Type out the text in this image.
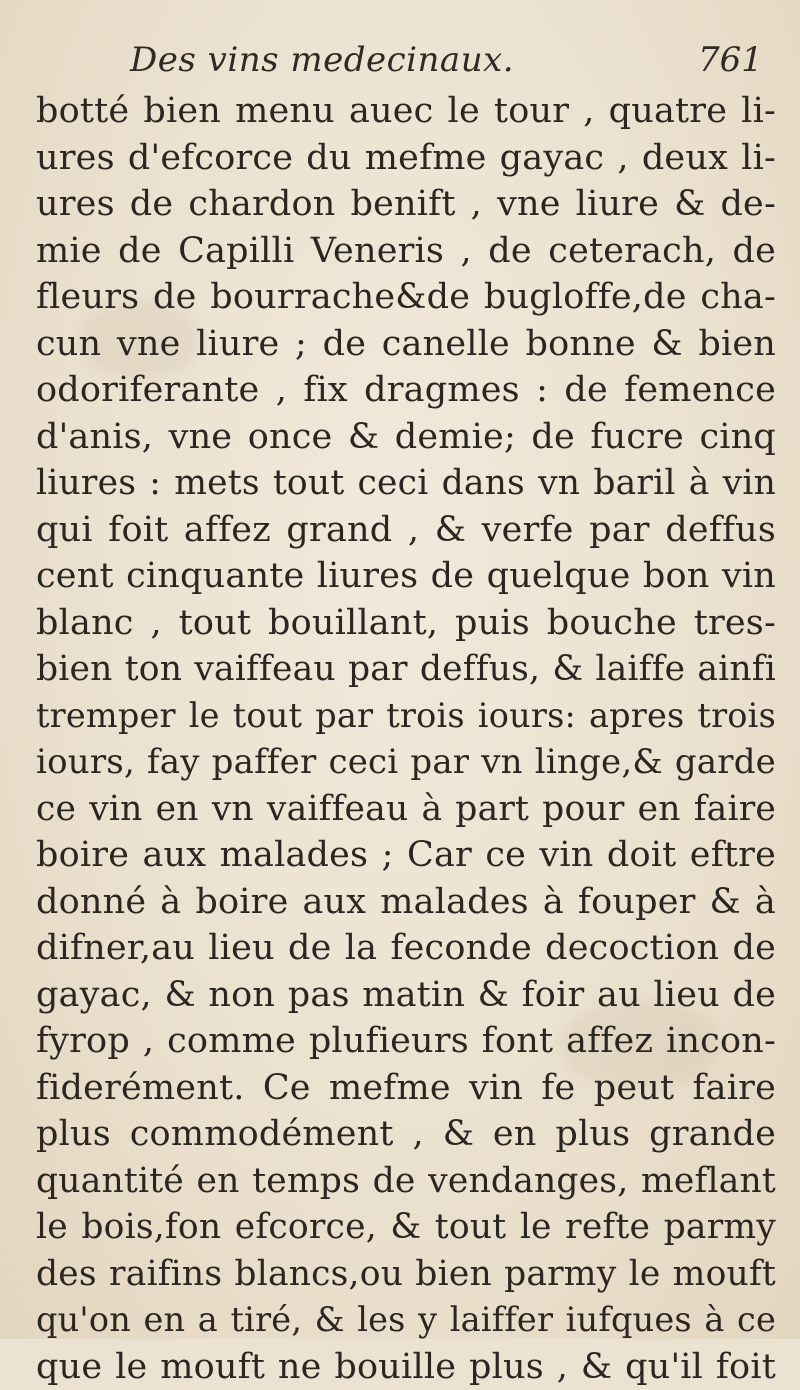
Des vins medecinaux.	761
botté bien menu auec le tour , quatre li-
ures d'efcorce du mefme gayac , deux li-
ures de chardon benift , vne liure & de-
mie de Capilli Veneris , de ceterach, de
fleurs de bourrache&de bugloffe,de cha-
cun vne liure ; de canelle bonne & bien
odoriferante , fix dragmes : de femence
d'anis, vne once & demie; de fucre cinq
liures : mets tout ceci dans vn baril à vin
qui foit affez grand , & verfe par deffus
cent cinquante liures de quelque bon vin
blanc , tout bouillant, puis bouche tres-
bien ton vaiffeau par deffus, & laiffe ainfi
tremper le tout par trois iours: apres trois
iours, fay paffer ceci par vn linge,& garde
ce vin en vn vaiffeau à part pour en faire
boire aux malades ; Car ce vin doit eftre
donné à boire aux malades à fouper & à
difner,au lieu de la feconde decoction de
gayac, & non pas matin & foir au lieu de
fyrop , comme plufieurs font affez incon-
fiderément. Ce mefme vin fe peut faire
plus commodément , & en plus grande
quantité en temps de vendanges, meflant
le bois,fon efcorce, & tout le refte parmy
des raifins blancs,ou bien parmy le mouft
qu'on en a tiré, & les y laiffer iufques à ce
que le mouft ne bouille plus , & qu'il foit
